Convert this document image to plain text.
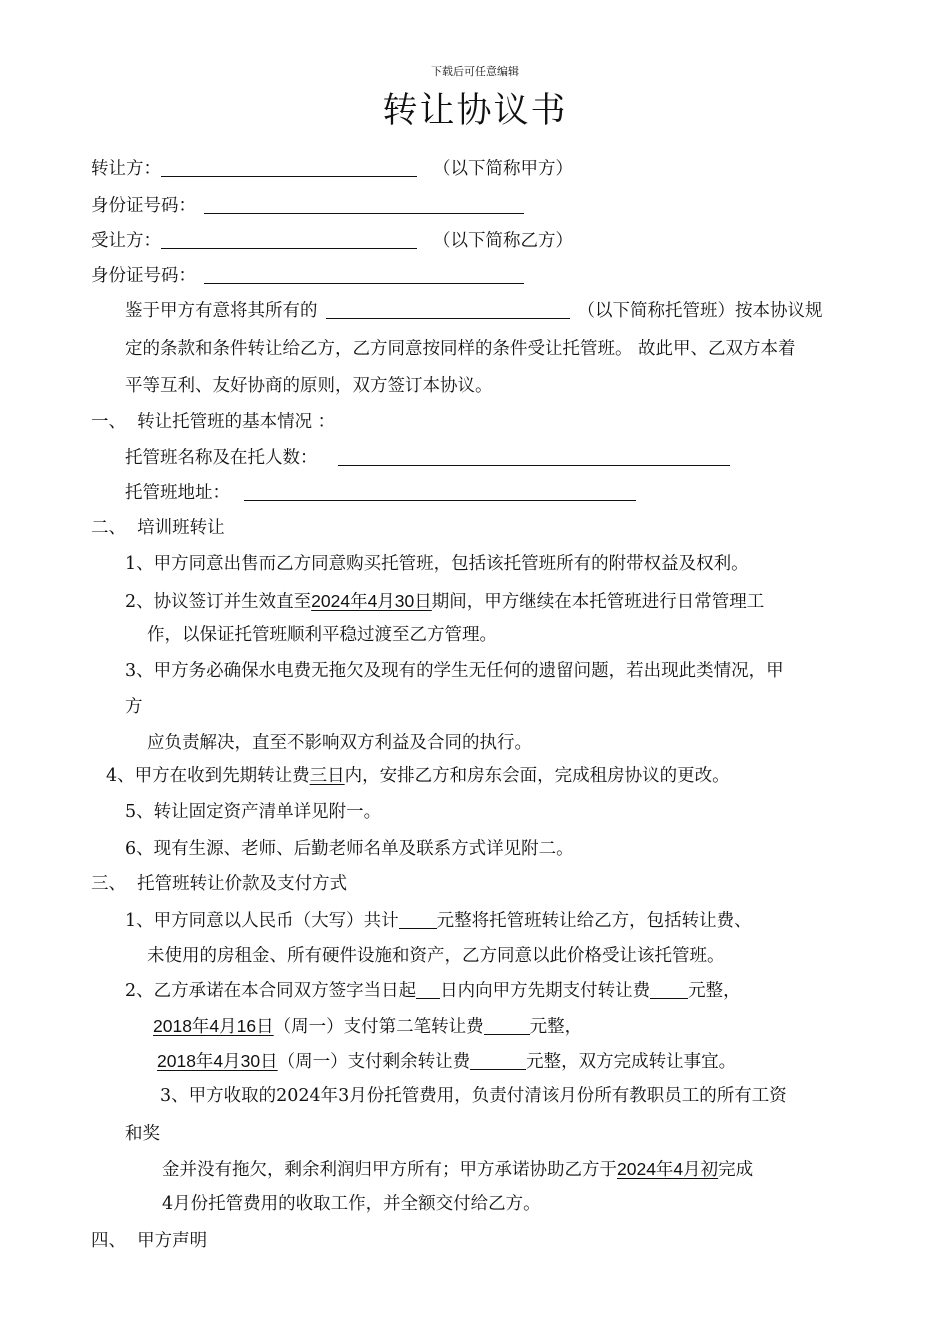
下载后可任意编辑
转让协议书
转让方：	（以下简称甲方）
身份证号码：
受让方：	（以下简称乙方）
身份证号码：
鉴于甲方有意将其所有的	（以下简称托管班）按本协议规
定的条款和条件转让给乙方，乙方同意按同样的条件受让托管班。 故此甲、乙双方本着
平等互利、友好协商的原则，双方签订本协议。
一、  转让托管班的基本情况 ：
托管班名称及在托人数：
托管班地址：
二、  培训班转让
1、甲方同意出售而乙方同意购买托管班，包括该托管班所有的附带权益及权利。
2、协议签订并生效直至2024年4月30日期间，甲方继续在本托管班进行日常管理工
作，以保证托管班顺利平稳过渡至乙方管理。
3、甲方务必确保水电费无拖欠及现有的学生无任何的遗留问题，若出现此类情况，甲
方
应负责解决，直至不影响双方利益及合同的执行。
4、甲方在收到先期转让费三日内，安排乙方和房东会面，完成租房协议的更改。
5、转让固定资产清单详见附一。
6、现有生源、老师、后勤老师名单及联系方式详见附二。
三、  托管班转让价款及支付方式
1、甲方同意以人民币（大写）共计 元整将托管班转让给乙方，包括转让费、
未使用的房租金、所有硬件设施和资产，乙方同意以此价格受让该托管班。
2、乙方承诺在本合同双方签字当日起 日内向甲方先期支付转让费 元整，
2018年4月16日（周一）支付第二笔转让费	元整，
2018年4月30日（周一）支付剩余转让费	元整，双方完成转让事宜。
3、甲方收取的2024年3月份托管费用，负责付清该月份所有教职员工的所有工资
和奖
金并没有拖欠，剩余利润归甲方所有；甲方承诺协助乙方于2024年4月初完成
4月份托管费用的收取工作，并全额交付给乙方。
四、  甲方声明
